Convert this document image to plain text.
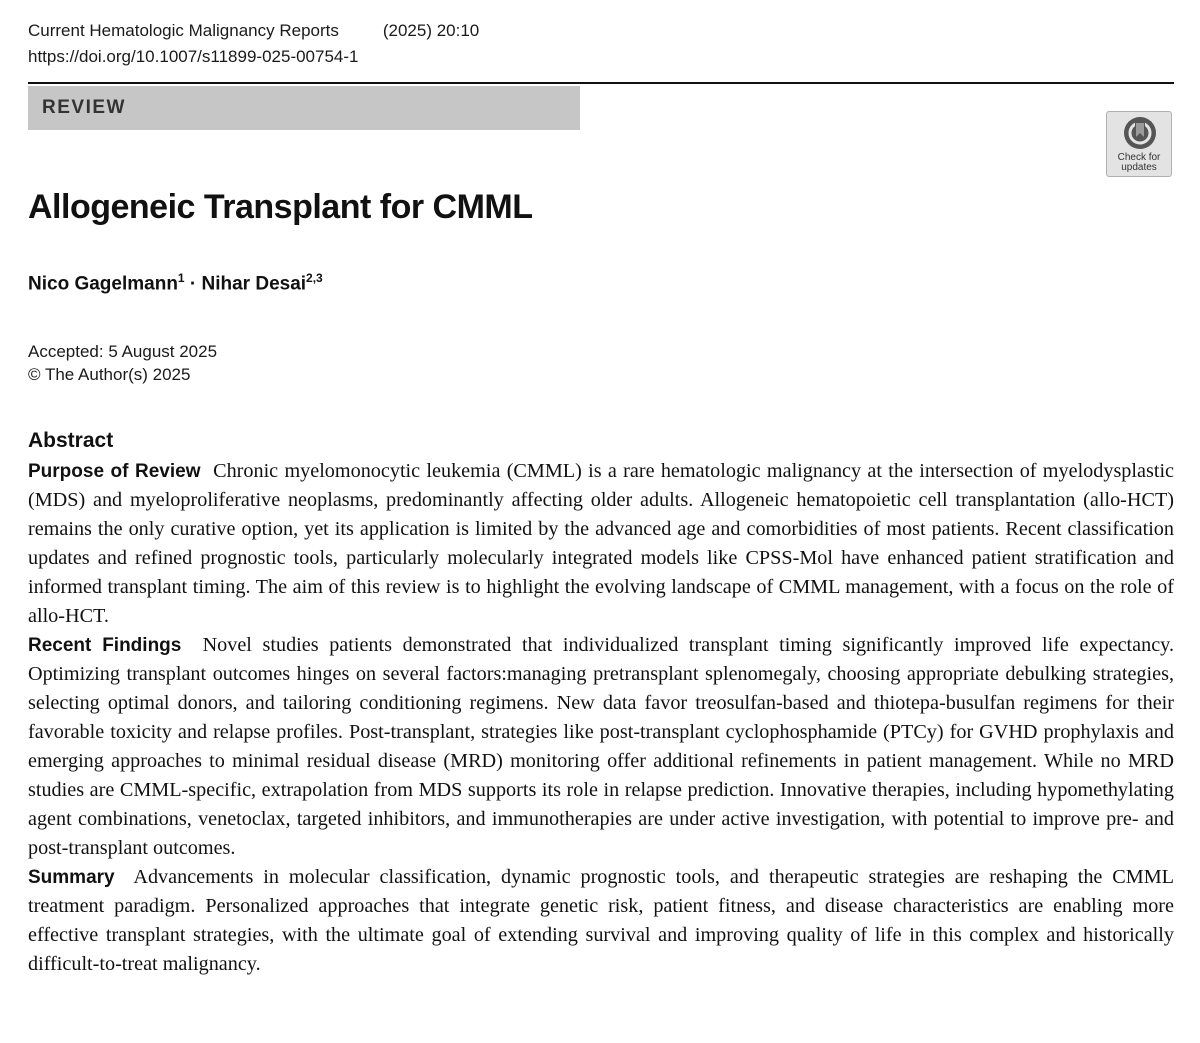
Current Hematologic Malignancy Reports	(2025) 20:10
https://doi.org/10.1007/s11899-025-00754-1
REVIEW
Check for
updates
Allogeneic Transplant for CMML
Nico Gagelmann$^1$ · Nihar Desai$^{2,3}$
Accepted: 5 August 2025
© The Author(s) 2025
Abstract

Purpose of Review Chronic myelomonocytic leukemia (CMML) is a rare hematologic malignancy at the intersection of myelodysplastic (MDS) and myeloproliferative neoplasms, predominantly affecting older adults. Allogeneic hematopoietic cell transplantation (allo-HCT) remains the only curative option, yet its application is limited by the advanced age and comorbidities of most patients. Recent classification updates and refined prognostic tools, particularly molecularly integrated models like CPSS-Mol have enhanced patient stratification and informed transplant timing. The aim of this review is to highlight the evolving landscape of CMML management, with a focus on the role of allo-HCT.

Recent Findings Novel studies patients demonstrated that individualized transplant timing significantly improved life expectancy. Optimizing transplant outcomes hinges on several factors:managing pretransplant splenomegaly, choosing appropriate debulking strategies, selecting optimal donors, and tailoring conditioning regimens. New data favor treosulfan-based and thiotepa-busulfan regimens for their favorable toxicity and relapse profiles. Post-transplant, strategies like post-transplant cyclophosphamide (PTCy) for GVHD prophylaxis and emerging approaches to minimal residual disease (MRD) monitoring offer additional refinements in patient management. While no MRD studies are CMML-specific, extrapolation from MDS supports its role in relapse prediction. Innovative therapies, including hypomethylating agent combinations, venetoclax, targeted inhibitors, and immunotherapies are under active investigation, with potential to improve pre- and post-transplant outcomes.

Summary Advancements in molecular classification, dynamic prognostic tools, and therapeutic strategies are reshaping the CMML treatment paradigm. Personalized approaches that integrate genetic risk, patient fitness, and disease characteristics are enabling more effective transplant strategies, with the ultimate goal of extending survival and improving quality of life in this complex and historically difficult-to-treat malignancy.
